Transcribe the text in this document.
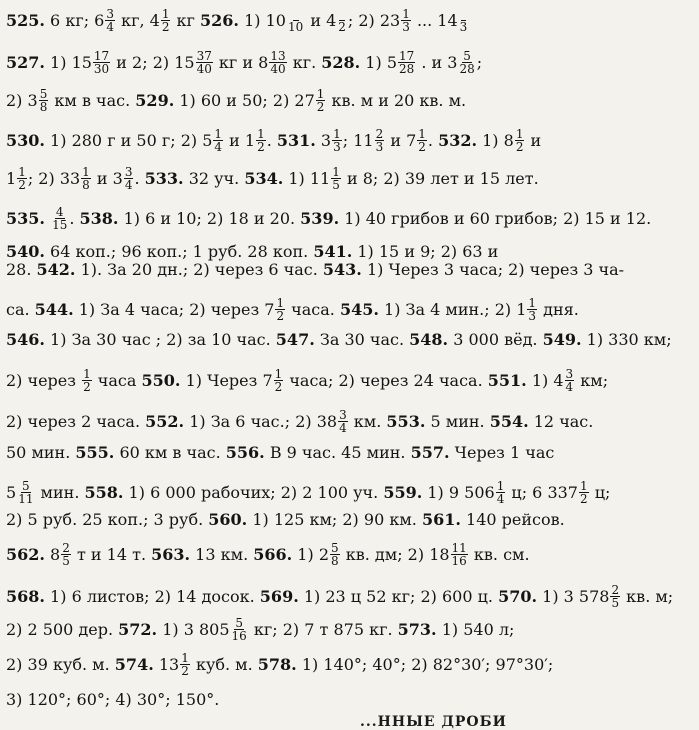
525. 6 кг; $6 \frac{3}{4}$ кг, $4 \frac{1}{2}$ кг 526. 1) 10
10 и 4
2 ; 2) $23 \frac{1}{3}$ ... 14
3
527. 1) $15 \frac{17}{30}$ и 2; 2) $15 \frac{37}{40}$ кг и $8 \frac{13}{40}$ кг. 528. 1) $5 \frac{17}{28}$ . и $3 \frac{5}{28}$ ;
2) $3 \frac{5}{8}$ км в час. 529. 1) 60 и 50; 2) $27 \frac{1}{2}$ кв. м и 20 кв. м.
530. 1) 280 г и 50 г; 2) $5 \frac{1}{4}$ и $1 \frac{1}{2}$ . 531. $3 \frac{1}{3}$ ; $11 \frac{2}{3}$ и $7 \frac{1}{2}$ . 532. 1) $8 \frac{1}{2}$ и
$1 \frac{1}{2}$ ; 2) $33 \frac{1}{8}$ и $3 \frac{3}{4}$ . 533. 32 уч. 534. 1) $11 \frac{1}{5}$ и 8; 2) 39 лет и 15 лет.
535.
$\frac{4}{15}$ . 538. 1) 6 и 10; 2) 18 и 20. 539. 1) 40 грибов и 60 грибов; 2) 15 и 12.
540. 64 коп.; 96 коп.; 1 руб. 28 коп. 541. 1) 15 и 9; 2) 63 и
28. 542. 1). За 20 дн.; 2) через 6 час. 543. 1) Через 3 часа; 2) через 3 ча-
са. 544. 1) За 4 часа; 2) через $7 \frac{1}{2}$ часа. 545. 1) За 4 мин.; 2) $1 \frac{1}{3}$ дня.
546. 1) За 30 час ; 2) за 10 час. 547. За 30 час. 548. 3 000 вёд. 549. 1) 330 км;
2) через $\frac{1}{2}$ часа 550. 1) Через $7 \frac{1}{2}$ часа; 2) через 24 часа. 551. 1) $4 \frac{3}{4}$ км;
2) через 2 часа. 552. 1) За 6 час.; 2) $38 \frac{3}{4}$ км. 553. 5 мин. 554. 12 час.
50 мин. 555. 60 км в час. 556. В 9 час. 45 мин. 557. Через 1 час
$5 \frac{5}{11}$ мин. 558. 1) 6 000 рабочих; 2) 2 100 уч. 559. 1) 9 $506 \frac{1}{4} ц$; 6 $337 \frac{1}{2} ц$;
2) 5 руб. 25 коп.; 3 руб. 560. 1) 125 км; 2) 90 км. 561. 140 рейсов.
562. $8 \frac{2}{5}$ т и 14 т. 563. 13 км. 566. 1) $2 \frac{5}{8}$ кв. дм; 2) $18 \frac{11}{16}$ кв. см.
568. 1) 6 листов; 2) 14 досок. 569. 1) 23 ц 52 кг; 2) 600 ц. 570. 1) 3 $578 \frac{2}{5}$ кв. м;
2) 2 500 дер. 572. 1) 3 $805 \frac{5}{16}$ кг; 2) 7 т 875 кг. 573. 1) 540 л;
2) 39 куб. м. 574. $13 \frac{1}{2}$ куб. м. 578. 1) 140°; 40°; 2) 82°30′; 97°30′;
3) 120°; 60°; 4) 30°; 150°.
...ННЫЕ ДРОБИ
